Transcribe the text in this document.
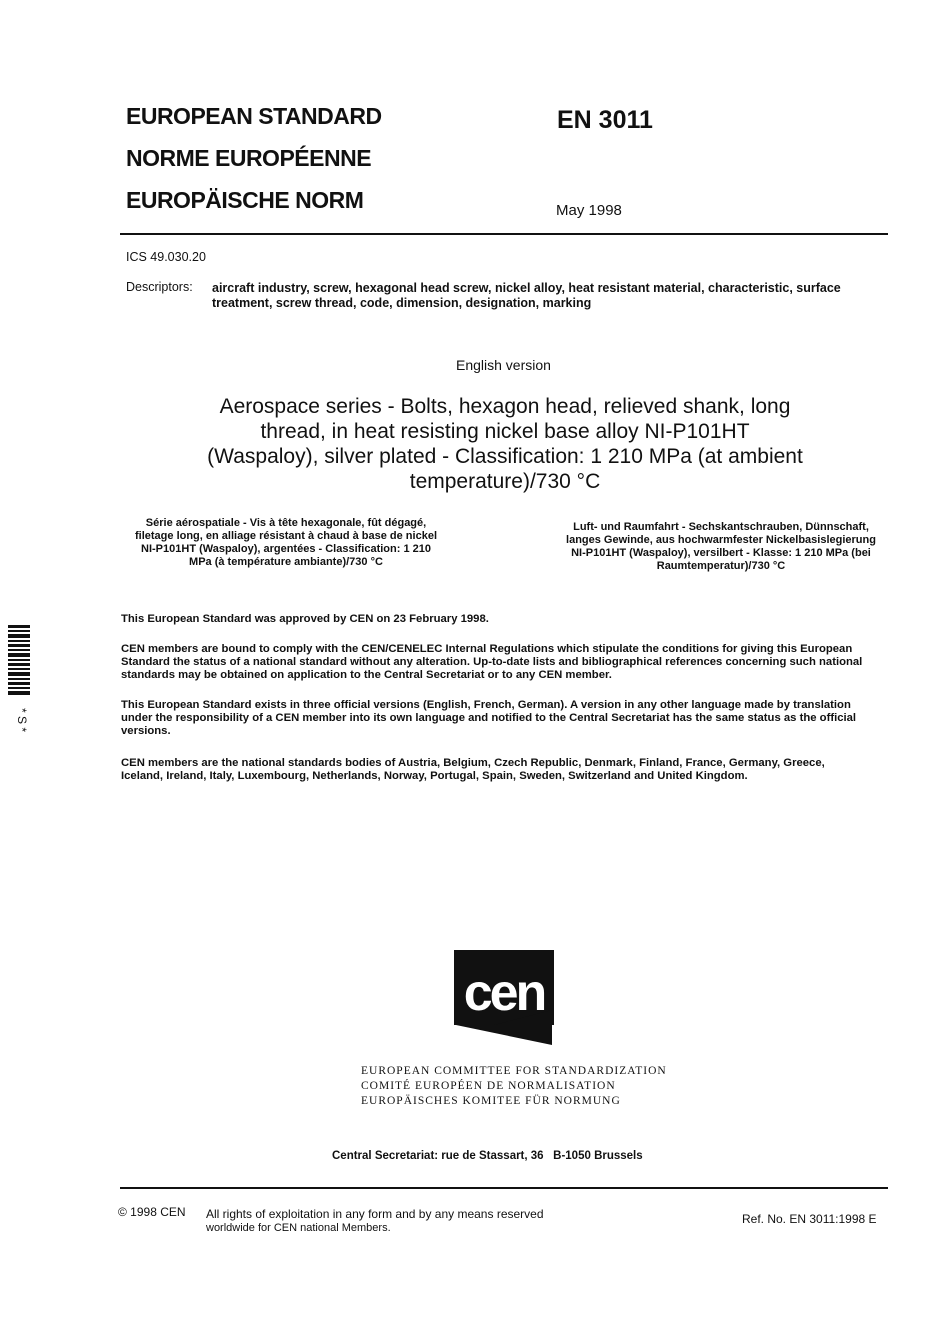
EUROPEAN STANDARD
NORME EUROPÉENNE
EUROPÄISCHE NORM
EN 3011
May 1998
ICS 49.030.20
Descriptors: aircraft industry, screw, hexagonal head screw, nickel alloy, heat resistant material, characteristic, surface
treatment, screw thread, code, dimension, designation, marking
English version
Aerospace series - Bolts, hexagon head, relieved shank, long
thread, in heat resisting nickel base alloy NI-P101HT
(Waspaloy), silver plated - Classification: 1 210 MPa (at ambient
temperature)/730 °C
Série aérospatiale - Vis à tête hexagonale, fût dégagé,
filetage long, en alliage résistant à chaud à base de nickel
NI-P101HT (Waspaloy), argentées - Classification: 1 210
MPa (à température ambiante)/730 °C
Luft- und Raumfahrt - Sechskantschrauben, Dünnschaft,
langes Gewinde, aus hochwarmfester Nickelbasislegierung
NI-P101HT (Waspaloy), versilbert - Klasse: 1 210 MPa (bei
Raumtemperatur)/730 °C
This European Standard was approved by CEN on 23 February 1998.
CEN members are bound to comply with the CEN/CENELEC Internal Regulations which stipulate the conditions for giving this European
Standard the status of a national standard without any alteration. Up-to-date lists and bibliographical references concerning such national
standards may be obtained on application to the Central Secretariat or to any CEN member.
This European Standard exists in three official versions (English, French, German). A version in any other language made by translation
under the responsibility of a CEN member into its own language and notified to the Central Secretariat has the same status as the official
versions.
CEN members are the national standards bodies of Austria, Belgium, Czech Republic, Denmark, Finland, France, Germany, Greece,
Iceland, Ireland, Italy, Luxembourg, Netherlands, Norway, Portugal, Spain, Sweden, Switzerland and United Kingdom.
* S *
cen
EUROPEAN COMMITTEE FOR STANDARDIZATION
COMITÉ EUROPÉEN DE NORMALISATION
EUROPÄISCHES KOMITEE FÜR NORMUNG
Central Secretariat: rue de Stassart, 36   B-1050 Brussels
© 1998 CEN All rights of exploitation in any form and by any means reserved
worldwide for CEN national Members.
Ref. No. EN 3011:1998 E
